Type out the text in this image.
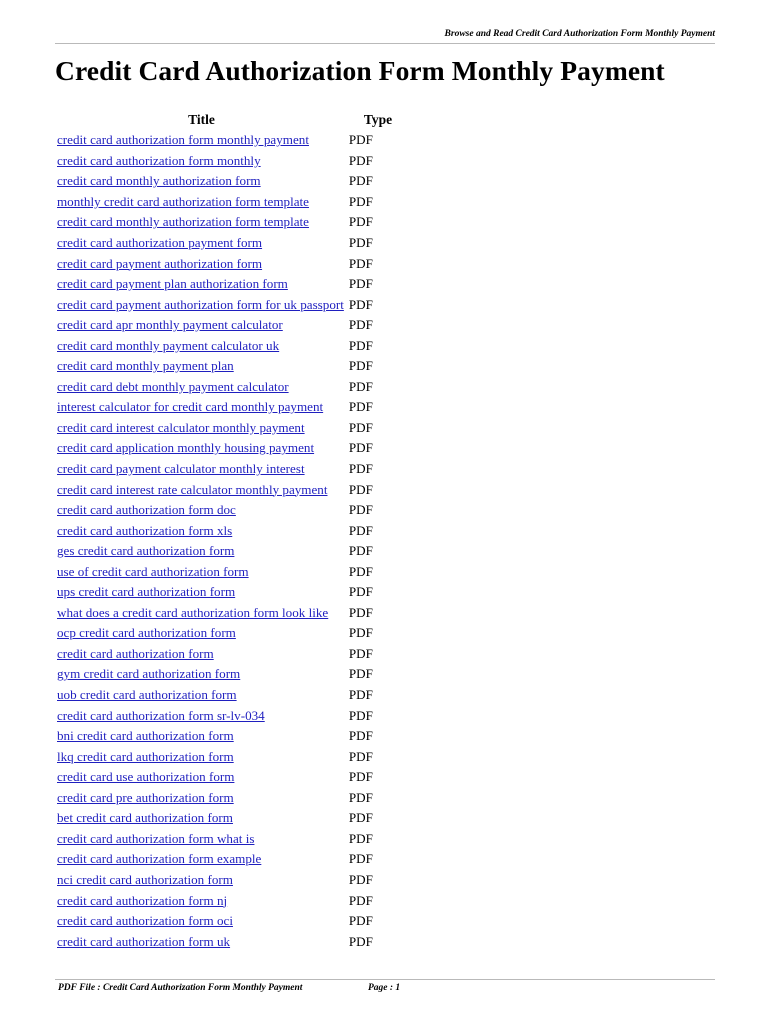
Browse and Read Credit Card Authorization Form Monthly Payment
Credit Card Authorization Form Monthly Payment
Title	Type
credit card authorization form monthly payment	PDF
credit card authorization form monthly	PDF
credit card monthly authorization form	PDF
monthly credit card authorization form template	PDF
credit card monthly authorization form template	PDF
credit card authorization payment form	PDF
credit card payment authorization form	PDF
credit card payment plan authorization form	PDF
credit card payment authorization form for uk passport	PDF
credit card apr monthly payment calculator	PDF
credit card monthly payment calculator uk	PDF
credit card monthly payment plan	PDF
credit card debt monthly payment calculator	PDF
interest calculator for credit card monthly payment	PDF
credit card interest calculator monthly payment	PDF
credit card application monthly housing payment	PDF
credit card payment calculator monthly interest	PDF
credit card interest rate calculator monthly payment	PDF
credit card authorization form doc	PDF
credit card authorization form xls	PDF
ges credit card authorization form	PDF
use of credit card authorization form	PDF
ups credit card authorization form	PDF
what does a credit card authorization form look like	PDF
ocp credit card authorization form	PDF
credit card authorization form	PDF
gym credit card authorization form	PDF
uob credit card authorization form	PDF
credit card authorization form sr-lv-034	PDF
bni credit card authorization form	PDF
lkq credit card authorization form	PDF
credit card use authorization form	PDF
credit card pre authorization form	PDF
bet credit card authorization form	PDF
credit card authorization form what is	PDF
credit card authorization form example	PDF
nci credit card authorization form	PDF
credit card authorization form nj	PDF
credit card authorization form oci	PDF
credit card authorization form uk	PDF
PDF File : Credit Card Authorization Form Monthly Payment	Page : 1
